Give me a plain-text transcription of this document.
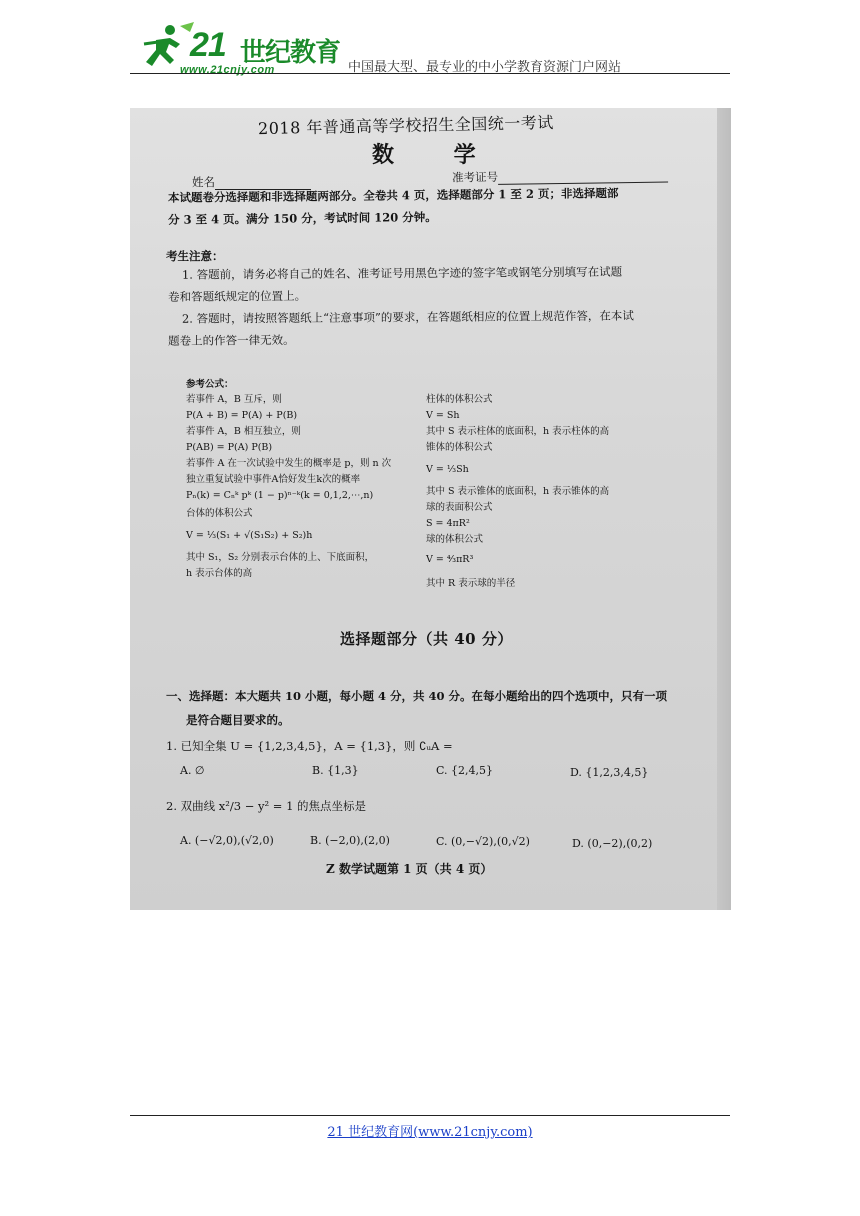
21 世纪教育
www.21cnjy.com	中国最大型、最专业的中小学教育资源门户网站
2018 年普通高等学校招生全国统一考试
数 学
姓名	准考证号
本试题卷分选择题和非选择题两部分。全卷共 4 页，选择题部分 1 至 2 页；非选择题部
分 3 至 4 页。满分 150 分，考试时间 120 分钟。
考生注意：
1. 答题前，请务必将自己的姓名、准考证号用黑色字迹的签字笔或钢笔分别填写在试题
卷和答题纸规定的位置上。
2. 答题时，请按照答题纸上“注意事项”的要求，在答题纸相应的位置上规范作答，在本试
题卷上的作答一律无效。
参考公式：
若事件 A，B 互斥，则
P(A + B) = P(A) + P(B)
若事件 A，B 相互独立，则
P(AB) = P(A) P(B)
若事件 A 在一次试验中发生的概率是 p，则 n 次
独立重复试验中事件A恰好发生k次的概率
Pₙ(k) = Cₙᵏ pᵏ (1 − p)ⁿ⁻ᵏ(k = 0,1,2,⋯,n)
台体的体积公式
V = ⅓(S₁ + √(S₁S₂) + S₂)h
其中 S₁，S₂ 分别表示台体的上、下底面积，
h 表示台体的高
柱体的体积公式
V = Sh
其中 S 表示柱体的底面积，h 表示柱体的高
锥体的体积公式
V = ⅓Sh
其中 S 表示锥体的底面积，h 表示锥体的高
球的表面积公式
S = 4πR²
球的体积公式
V = ⁴⁄₃πR³
其中 R 表示球的半径
选择题部分（共 40 分）
一、选择题：本大题共 10 小题，每小题 4 分，共 40 分。在每小题给出的四个选项中，只有一项
是符合题目要求的。
1. 已知全集 U = {1,2,3,4,5}，A = {1,3}，则 ∁ᵤA =
A. ∅	B. {1,3}	C. {2,4,5}	D. {1,2,3,4,5}
2. 双曲线 x²/3 − y² = 1 的焦点坐标是
A. (−√2,0),(√2,0)	B. (−2,0),(2,0)	C. (0,−√2),(0,√2)	D. (0,−2),(0,2)
Z 数学试题第 1 页（共 4 页）
21 世纪教育网(www.21cnjy.com)
